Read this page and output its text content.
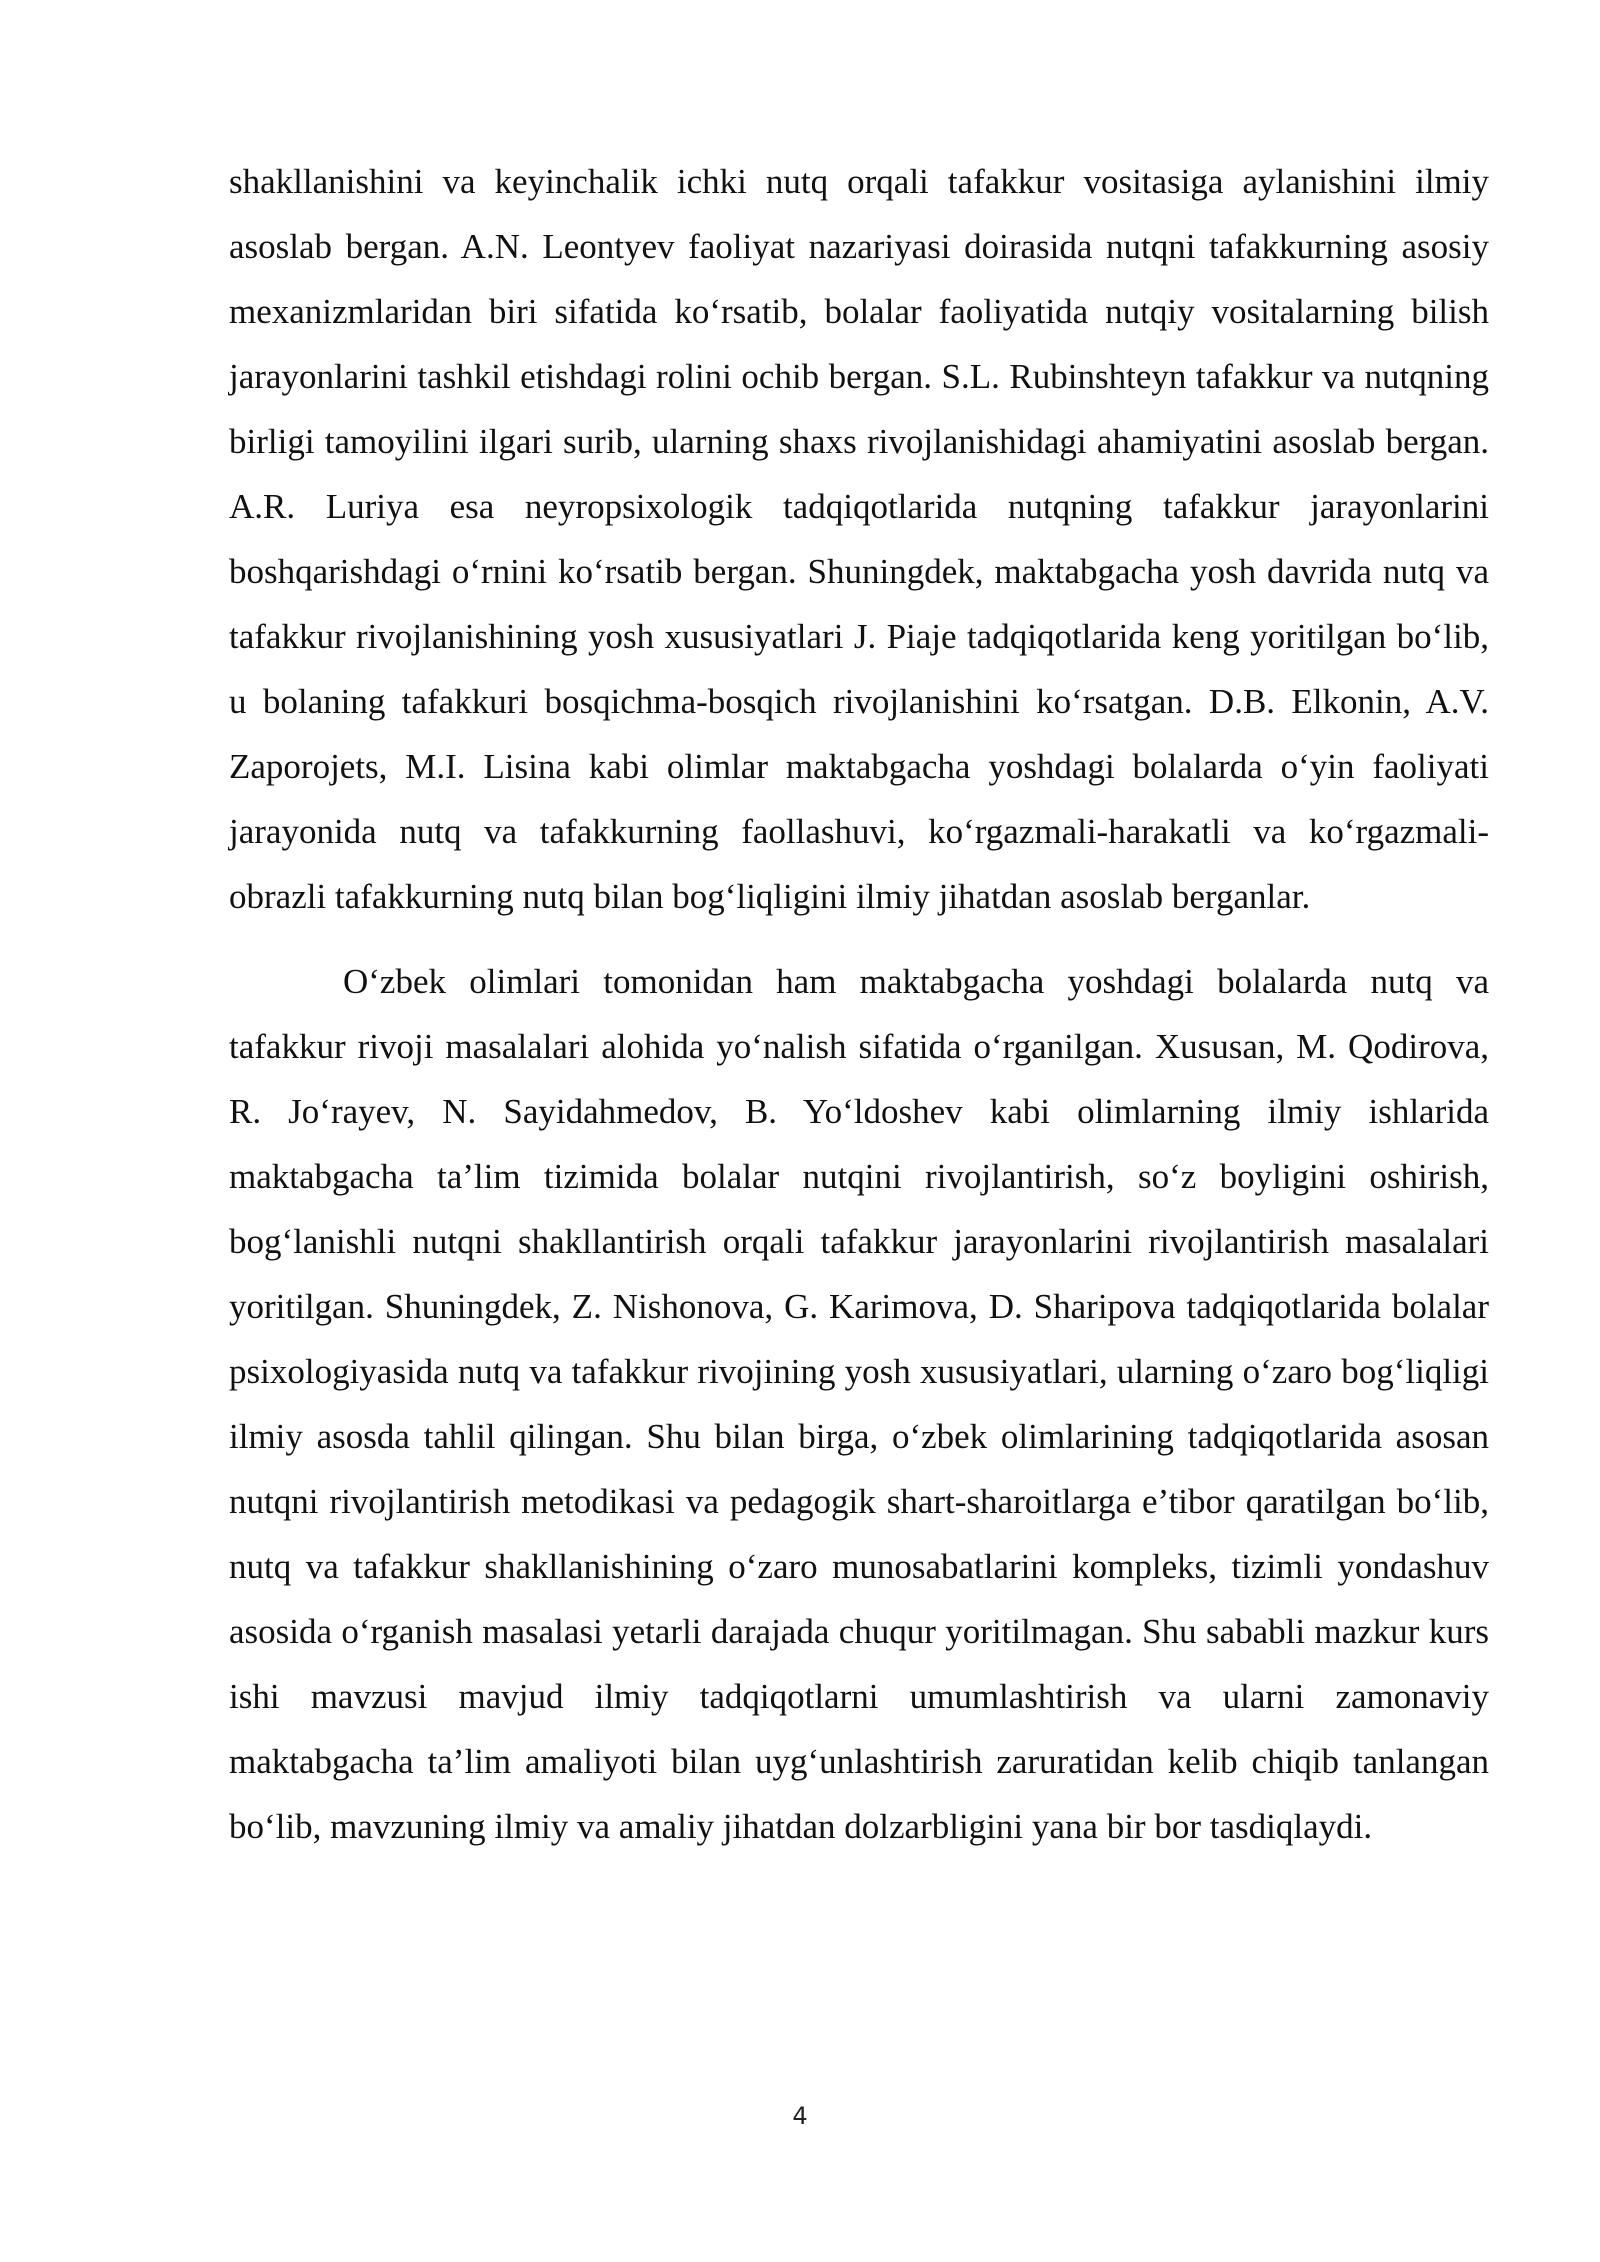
shakllanishini va keyinchalik ichki nutq orqali tafakkur vositasiga aylanishini ilmiy asoslab bergan. A.N. Leontyev faoliyat nazariyasi doirasida nutqni tafakkurning asosiy mexanizmlaridan biri sifatida ko‘rsatib, bolalar faoliyatida nutqiy vositalarning bilish jarayonlarini tashkil etishdagi rolini ochib bergan. S.L. Rubinshteyn tafakkur va nutqning birligi tamoyilini ilgari surib, ularning shaxs rivojlanishidagi ahamiyatini asoslab bergan. A.R. Luriya esa neyropsixologik tadqiqotlarida nutqning tafakkur jarayonlarini boshqarishdagi o‘rnini ko‘rsatib bergan. Shuningdek, maktabgacha yosh davrida nutq va tafakkur rivojlanishining yosh xususiyatlari J. Piaje tadqiqotlarida keng yoritilgan bo‘lib, u bolaning tafakkuri bosqichma-bosqich rivojlanishini ko‘rsatgan. D.B. Elkonin, A.V. Zaporojets, M.I. Lisina kabi olimlar maktabgacha yoshdagi bolalarda o‘yin faoliyati jarayonida nutq va tafakkurning faollashuvi, ko‘rgazmali-harakatli va ko‘rgazmali-obrazli tafakkurning nutq bilan bog‘liqligini ilmiy jihatdan asoslab berganlar.

O‘zbek olimlari tomonidan ham maktabgacha yoshdagi bolalarda nutq va tafakkur rivoji masalalari alohida yo‘nalish sifatida o‘rganilgan. Xususan, M. Qodirova, R. Jo‘rayev, N. Sayidahmedov, B. Yo‘ldoshev kabi olimlarning ilmiy ishlarida maktabgacha ta’lim tizimida bolalar nutqini rivojlantirish, so‘z boyligini oshirish, bog‘lanishli nutqni shakllantirish orqali tafakkur jarayonlarini rivojlantirish masalalari yoritilgan. Shuningdek, Z. Nishonova, G. Karimova, D. Sharipova tadqiqotlarida bolalar psixologiyasida nutq va tafakkur rivojining yosh xususiyatlari, ularning o‘zaro bog‘liqligi ilmiy asosda tahlil qilingan. Shu bilan birga, o‘zbek olimlarining tadqiqotlarida asosan nutqni rivojlantirish metodikasi va pedagogik shart-sharoitlarga e’tibor qaratilgan bo‘lib, nutq va tafakkur shakllanishining o‘zaro munosabatlarini kompleks, tizimli yondashuv asosida o‘rganish masalasi yetarli darajada chuqur yoritilmagan. Shu sababli mazkur kurs ishi mavzusi mavjud ilmiy tadqiqotlarni umumlashtirish va ularni zamonaviy maktabgacha ta’lim amaliyoti bilan uyg‘unlashtirish zaruratidan kelib chiqib tanlangan bo‘lib, mavzuning ilmiy va amaliy jihatdan dolzarbligini yana bir bor tasdiqlaydi.

4
